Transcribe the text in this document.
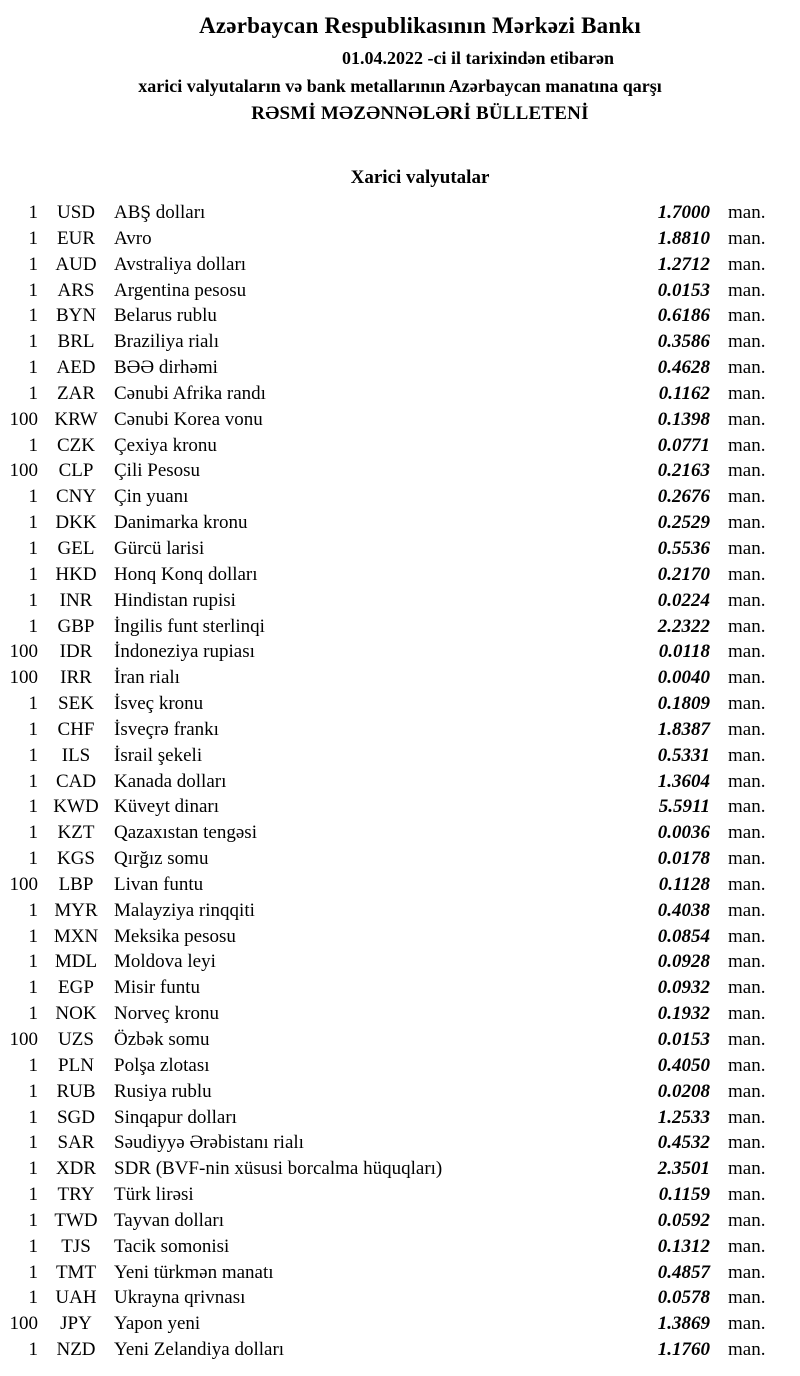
Azərbaycan Respublikasının Mərkəzi Bankı
01.04.2022 -ci il tarixindən etibarən
xarici valyutaların və bank metallarının Azərbaycan manatına qarşı
RƏSMİ MƏZƏNNƏLƏRİ BÜLLETENİ
Xarici valyutalar
1 USD	ABŞ dolları	1.7000 man.
1	EUR	Avro	1.8810 man.
1 AUD Avstraliya dolları	1.2712 man.
1	ARS	Argentina pesosu	0.0153 man.
1 BYN Belarus rublu	0.6186 man.
1	BRL	Braziliya rialı	0.3586 man.
1 AED BƏƏ dirhəmi	0.4628 man.
1	ZAR	Cənubi Afrika randı	0.1162 man.
100 KRW Cənubi Korea vonu	0.1398 man.
1	CZK	Çexiya kronu	0.0771 man.
100	CLP	Çili Pesosu	0.2163 man.
1 CNY Çin yuanı	0.2676 man.
1 DKK Danimarka kronu	0.2529 man.
1	GEL	Gürcü larisi	0.5536 man.
1 HKD Honq Konq dolları	0.2170 man.
1	INR	Hindistan rupisi	0.0224 man.
1	GBP	İngilis funt sterlinqi	2.2322 man.
100	IDR	İndoneziya rupiası	0.0118 man.
100	IRR	İran rialı	0.0040 man.
1	SEK	İsveç kronu	0.1809 man.
1	CHF	İsveçrə frankı	1.8387 man.
1	ILS	İsrail şekeli	0.5331 man.
1 CAD Kanada dolları	1.3604 man.
1 KWD Küveyt dinarı	5.5911 man.
1	KZT	Qazaxıstan tengəsi	0.0036 man.
1 KGS	Qırğız somu	0.0178 man.
100	LBP	Livan funtu	0.1128 man.
1 MYR Malayziya rinqqiti	0.4038 man.
1 MXN Meksika pesosu	0.0854 man.
1 MDL Moldova leyi	0.0928 man.
1	EGP	Misir funtu	0.0932 man.
1 NOK Norveç kronu	0.1932 man.
100	UZS	Özbək somu	0.0153 man.
1	PLN	Polşa zlotası	0.4050 man.
1 RUB Rusiya rublu	0.0208 man.
1 SGD	Sinqapur dolları	1.2533 man.
1	SAR	Səudiyyə Ərəbistanı rialı	0.4532 man.
1 XDR SDR (BVF-nin xüsusi borcalma hüquqları)	2.3501 man.
1	TRY	Türk lirəsi	0.1159 man.
1 TWD Tayvan dolları	0.0592 man.
1	TJS	Tacik somonisi	0.1312 man.
1 TMT Yeni türkmən manatı	0.4857 man.
1 UAH Ukrayna qrivnası	0.0578 man.
100	JPY	Yapon yeni	1.3869 man.
1 NZD Yeni Zelandiya dolları	1.1760 man.
